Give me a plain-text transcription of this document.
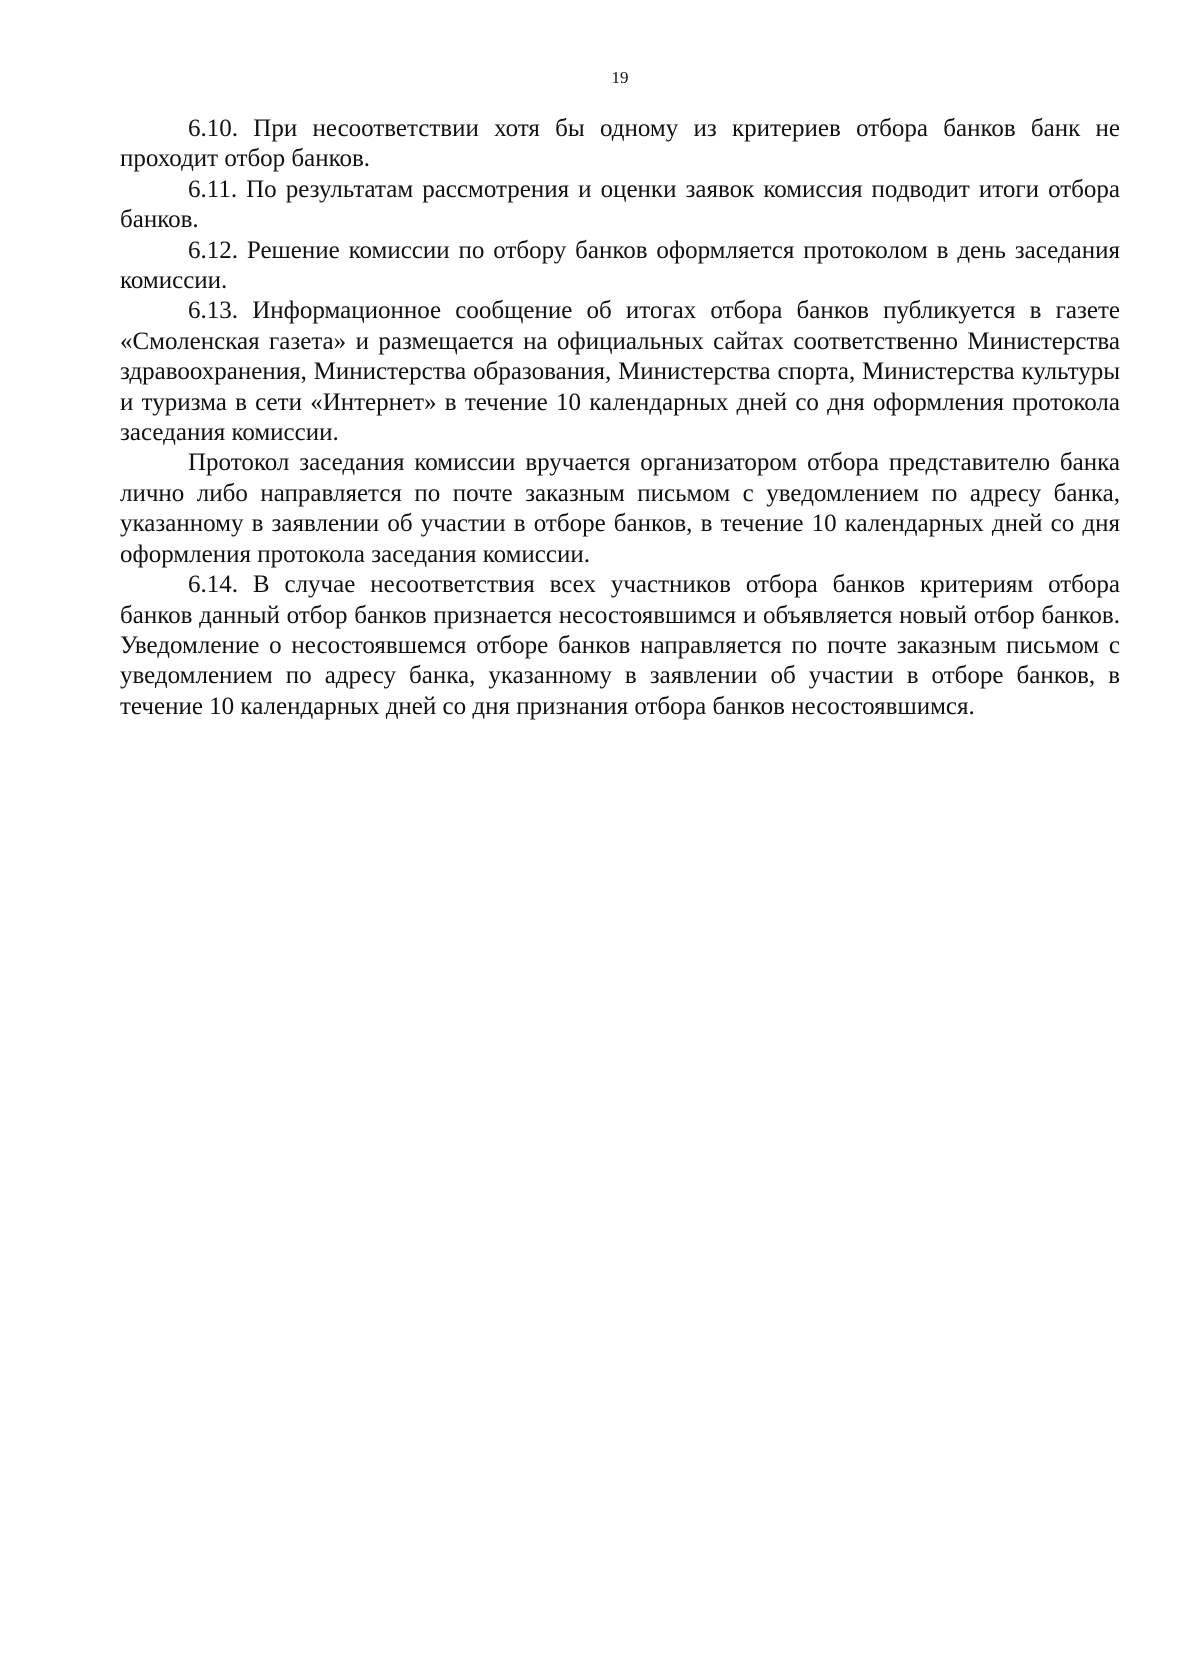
19

6.10. При несоответствии хотя бы одному из критериев отбора банков банк не проходит отбор банков.

6.11. По результатам рассмотрения и оценки заявок комиссия подводит итоги отбора банков.

6.12. Решение комиссии по отбору банков оформляется протоколом в день заседания комиссии.

6.13. Информационное сообщение об итогах отбора банков публикуется в газете «Смоленская газета» и размещается на официальных сайтах соответственно Министерства здравоохранения, Министерства образования, Министерства спорта, Министерства культуры и туризма в сети «Интернет» в течение 10 календарных дней со дня оформления протокола заседания комиссии.

Протокол заседания комиссии вручается организатором отбора представителю банка лично либо направляется по почте заказным письмом с уведомлением по адресу банка, указанному в заявлении об участии в отборе банков, в течение 10 календарных дней со дня оформления протокола заседания комиссии.

6.14. В случае несоответствия всех участников отбора банков критериям отбора банков данный отбор банков признается несостоявшимся и объявляется новый отбор банков. Уведомление о несостоявшемся отборе банков направляется по почте заказным письмом с уведомлением по адресу банка, указанному в заявлении об участии в отборе банков, в течение 10 календарных дней со дня признания отбора банков несостоявшимся.
